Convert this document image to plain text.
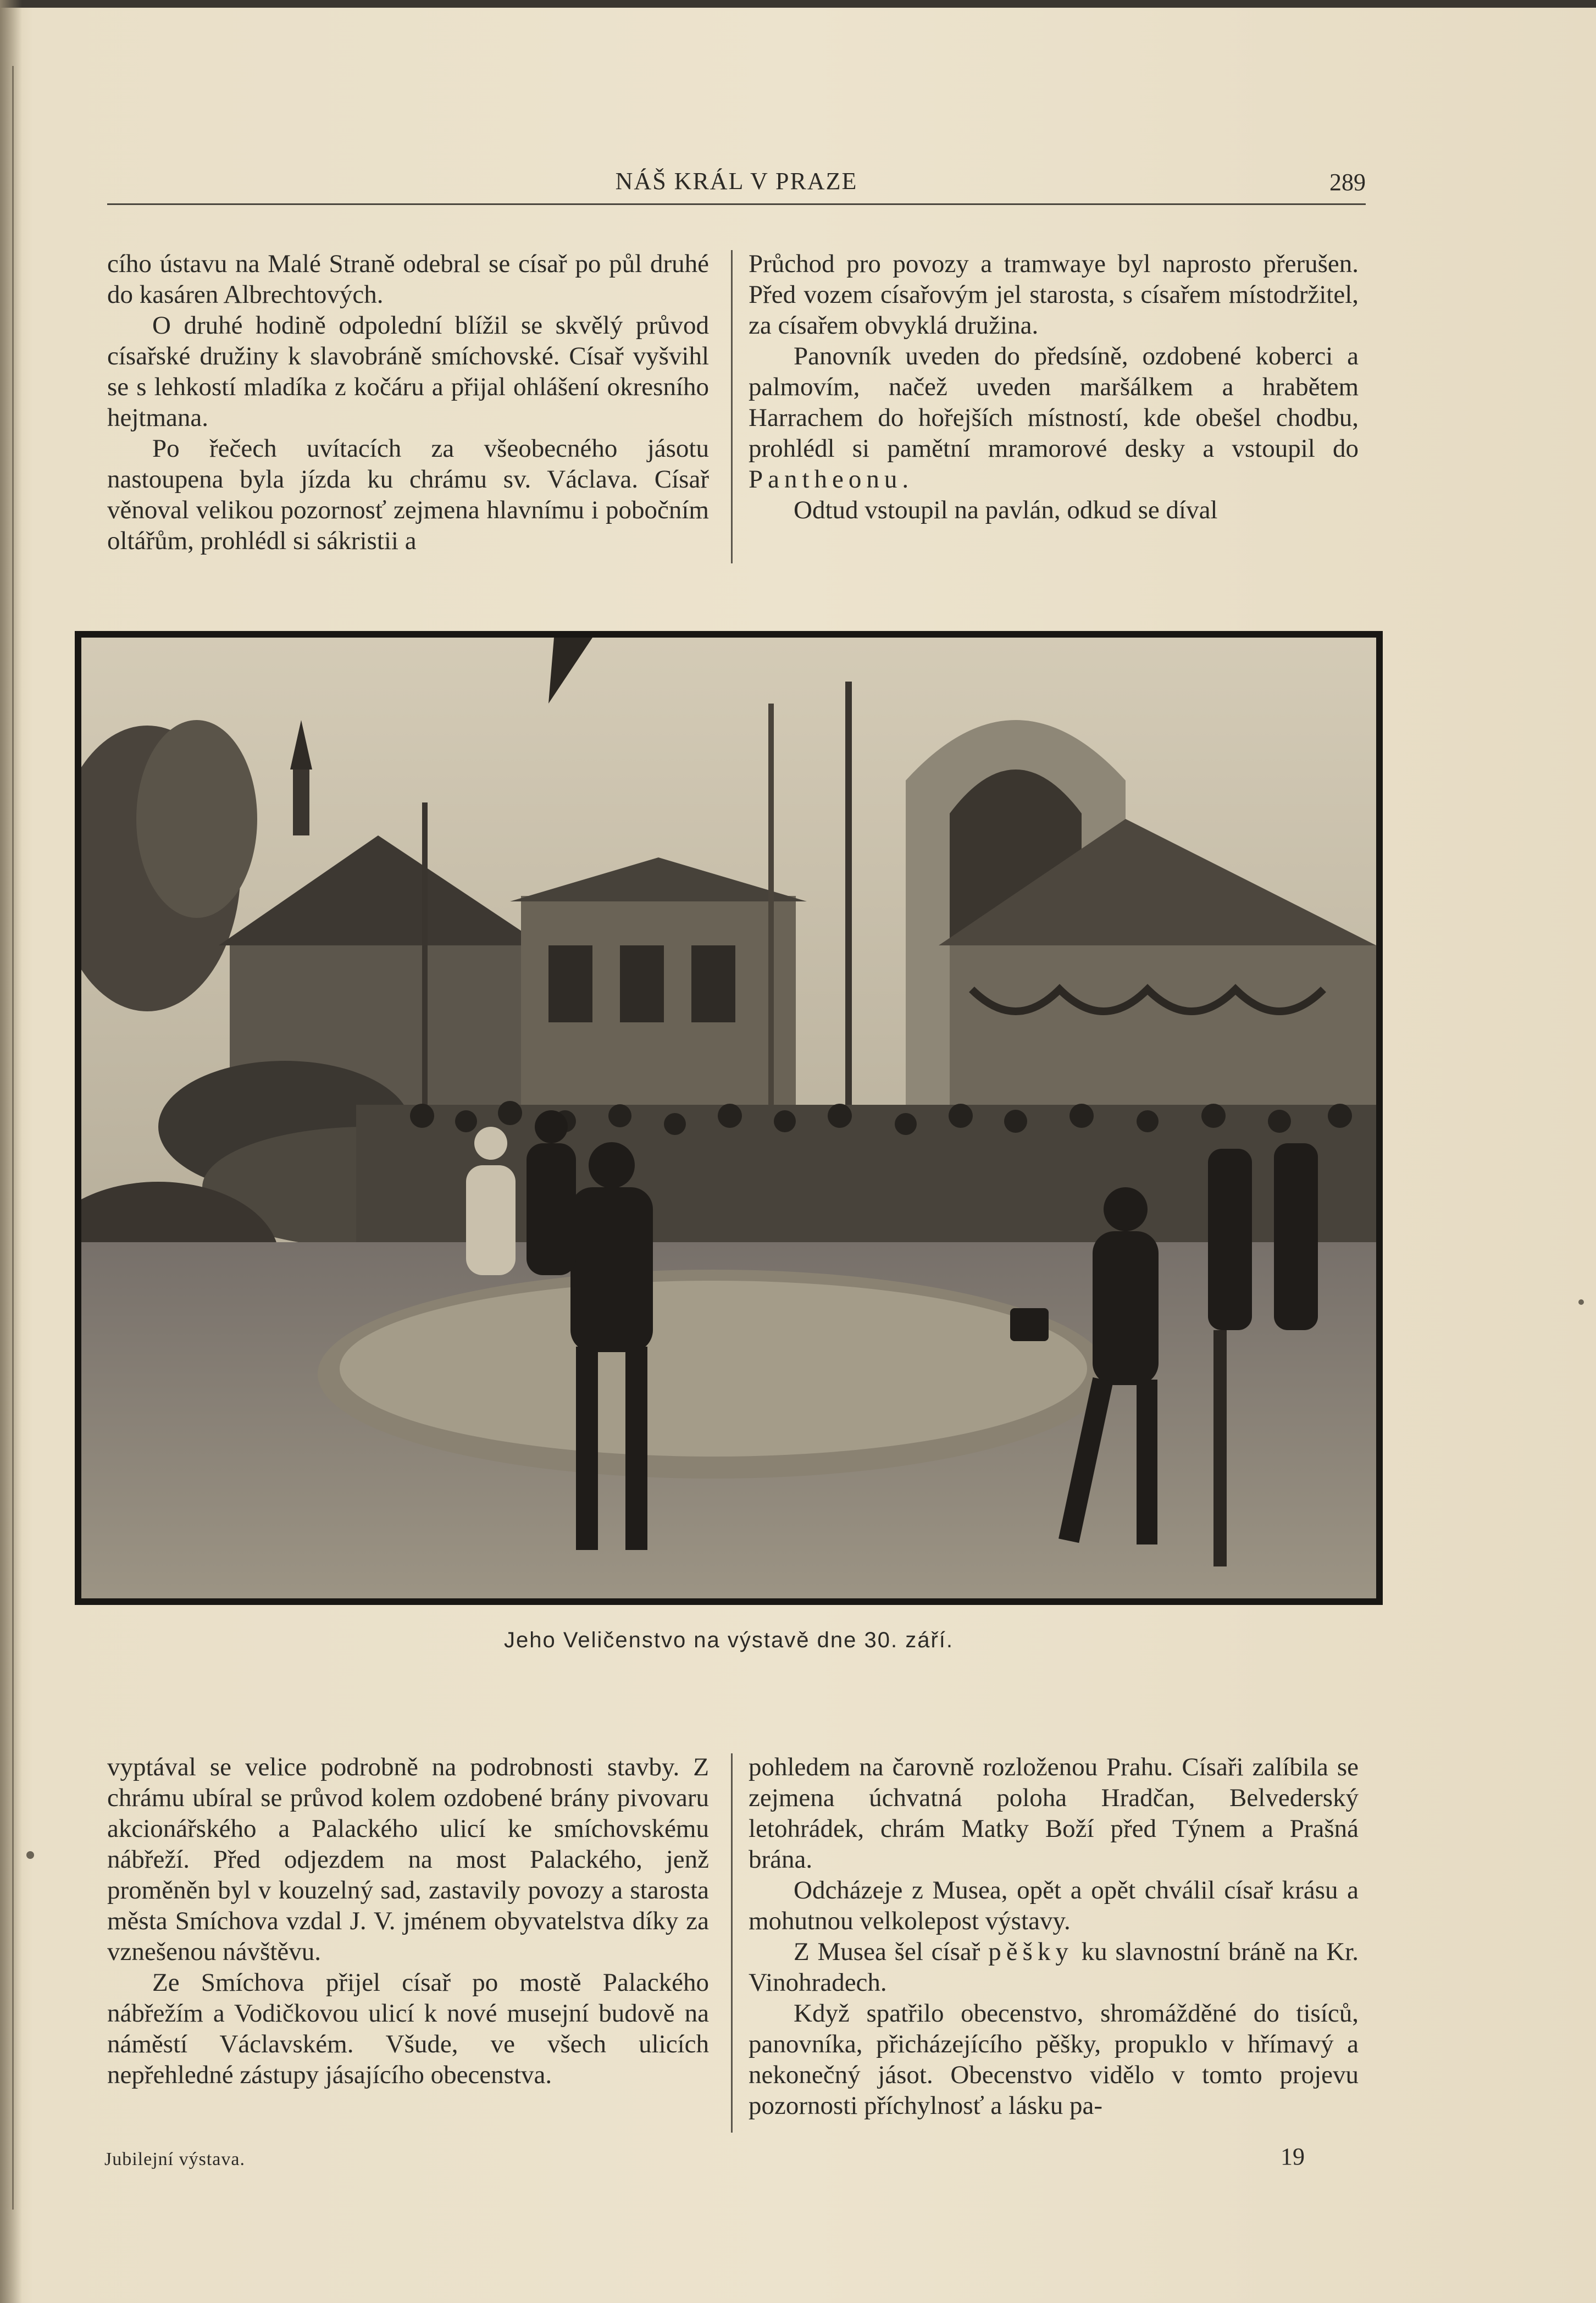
NÁŠ KRÁL V PRAZE	289

cího ústavu na Malé Straně odebral se císař po půl druhé do kasáren Albrechtových.

O druhé hodině odpolední blížil se skvělý průvod císařské družiny k slavobráně smíchovské. Císař vyšvihl se s lehkostí mladíka z kočáru a přijal ohlášení okresního hejtmana.

Po řečech uvítacích za všeobecného jásotu nastoupena byla jízda ku chrámu sv. Václava. Císař věnoval velikou pozornosť zejmena hlavnímu i pobočním oltářům, prohlédl si sákristii a

Průchod pro povozy a tramwaye byl naprosto přerušen. Před vozem císařovým jel starosta, s císařem místodržitel, za císařem obvyklá družina.

Panovník uveden do předsíně, ozdobené koberci a palmovím, načež uveden maršálkem a hrabětem Harrachem do hořejších místností, kde obešel chodbu, prohlédl si pamětní mramorové desky a vstoupil do Pantheonu.

Odtud vstoupil na pavlán, odkud se díval

Jeho Veličenstvo na výstavě dne 30. září.

vyptával se velice podrobně na podrobnosti stavby. Z chrámu ubíral se průvod kolem ozdobené brány pivovaru akcionářského a Palackého ulicí ke smíchovskému nábřeží. Před odjezdem na most Palackého, jenž proměněn byl v kouzelný sad, zastavily povozy a starosta města Smíchova vzdal J. V. jménem obyvatelstva díky za vznešenou návštěvu.

Ze Smíchova přijel císař po mostě Palackého nábřežím a Vodičkovou ulicí k nové musejní budově na náměstí Václavském. Všude, ve všech ulicích nepřehledné zástupy jásajícího obecenstva.

pohledem na čarovně rozloženou Prahu. Císaři zalíbila se zejmena úchvatná poloha Hradčan, Belvederský letohrádek, chrám Matky Boží před Týnem a Prašná brána.

Odcházeje z Musea, opět a opět chválil císař krásu a mohutnou velkolepost výstavy.

Z Musea šel císař pěšky ku slavnostní bráně na Kr. Vinohradech.

Když spatřilo obecenstvo, shromážděné do tisíců, panovníka, přicházejícího pěšky, propuklo v hřímavý a nekonečný jásot. Obecenstvo vidělo v tomto projevu pozornosti příchylnosť a lásku pa-

Jubilejní výstava.	19
